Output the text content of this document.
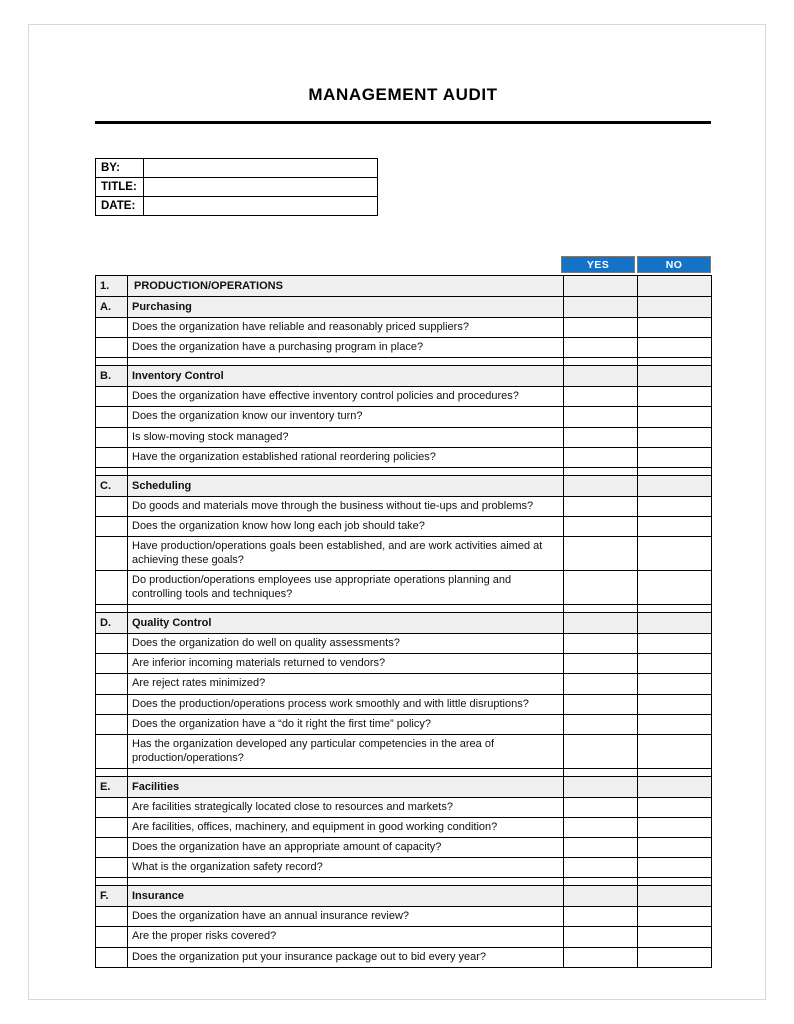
MANAGEMENT AUDIT
BY:	
TITLE:	
DATE:	
YES	NO
1.	PRODUCTION/OPERATIONS		
A.	Purchasing		
	Does the organization have reliable and reasonably priced suppliers?		
	Does the organization have a purchasing program in place?		

B.	Inventory Control		
	Does the organization have effective inventory control policies and procedures?		
	Does the organization know our inventory turn?		
	Is slow-moving stock managed?		
	Have the organization established rational reordering policies?		

C.	Scheduling		
	Do goods and materials move through the business without tie-ups and problems?		
	Does the organization know how long each job should take?		
	Have production/operations goals been established, and are work activities aimed at achieving these goals?		
	Do production/operations employees use appropriate operations planning and controlling tools and techniques?		

D.	Quality Control		
	Does the organization do well on quality assessments?		
	Are inferior incoming materials returned to vendors?		
	Are reject rates minimized?		
	Does the production/operations process work smoothly and with little disruptions?		
	Does the organization have a “do it right the first time” policy?		
	Has the organization developed any particular competencies in the area of production/operations?		

E.	Facilities		
	Are facilities strategically located close to resources and markets?		
	Are facilities, offices, machinery, and equipment in good working condition?		
	Does the organization have an appropriate amount of capacity?		
	What is the organization safety record?		

F.	Insurance		
	Does the organization have an annual insurance review?		
	Are the proper risks covered?		
	Does the organization put your insurance package out to bid every year?		
